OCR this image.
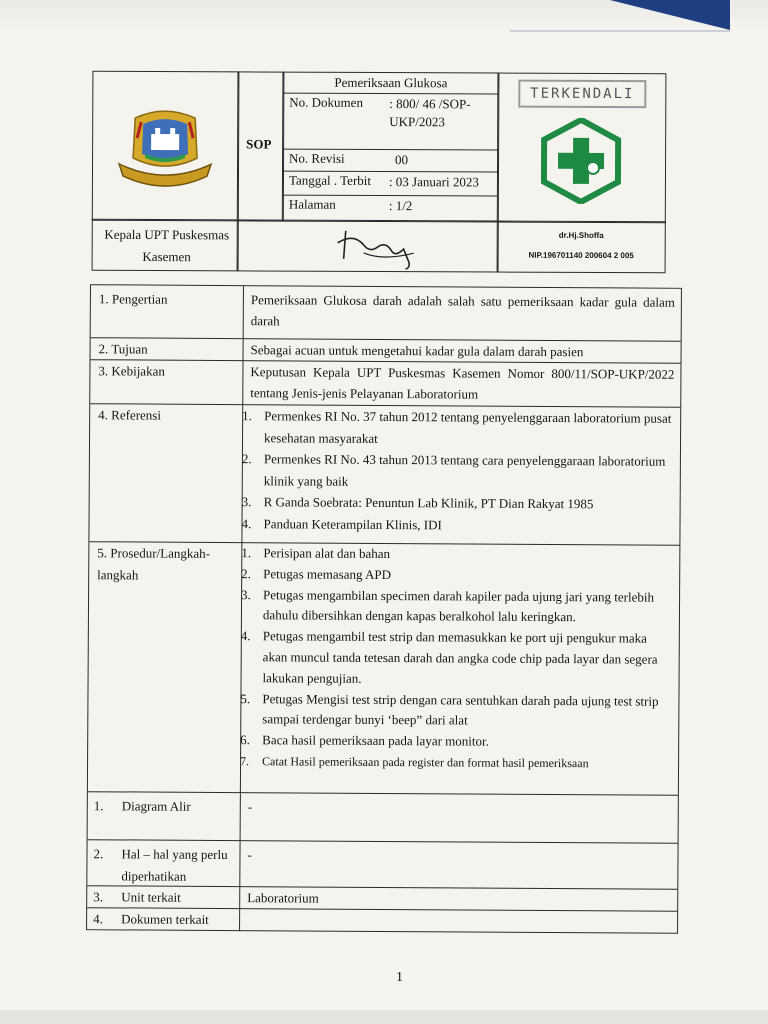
SOP
Pemeriksaan Glukosa
No. Dokumen : 800/ 46 /SOP-UKP/2023
No. Revisi	00
Tanggal . Terbit : 03 Januari 2023
Halaman	: 1/2
TERKENDALI
Kepala UPT Puskesmas Kasemen
dr.Hj.Shoffa
NIP.196701140 200604 2 005
1. Pengertian	Pemeriksaan Glukosa darah adalah salah satu pemeriksaan kadar gula dalam darah
2. Tujuan	Sebagai acuan untuk mengetahui kadar gula dalam darah pasien
3. Kebijakan	Keputusan Kepala UPT Puskesmas Kasemen Nomor 800/11/SOP-UKP/2022 tentang Jenis-jenis Pelayanan Laboratorium
4. Referensi	1. Permenkes RI No. 37 tahun 2012 tentang penyelenggaraan laboratorium pusat kesehatan masyarakat
2. Permenkes RI No. 43 tahun 2013 tentang cara penyelenggaraan laboratorium klinik yang baik
3. R Ganda Soebrata: Penuntun Lab Klinik, PT Dian Rakyat 1985
4. Panduan Keterampilan Klinis, IDI
5. Prosedur/Langkah-langkah
1. Perisipan alat dan bahan
2. Petugas memasang APD
3. Petugas mengambilan specimen darah kapiler pada ujung jari yang terlebih dahulu dibersihkan dengan kapas beralkohol lalu keringkan.
4. Petugas mengambil test strip dan memasukkan ke port uji pengukur maka akan muncul tanda tetesan darah dan angka code chip pada layar dan segera lakukan pengujian.
5. Petugas Mengisi test strip dengan cara sentuhkan darah pada ujung test strip sampai terdengar bunyi ‘beep” dari alat
6. Baca hasil pemeriksaan pada layar monitor.
7. Catat Hasil pemeriksaan pada register dan format hasil pemeriksaan
1. Diagram Alir	-
2. Hal – hal yang perlu diperhatikan
-
3. Unit terkait	Laboratorium
4. Dokumen terkait
1
